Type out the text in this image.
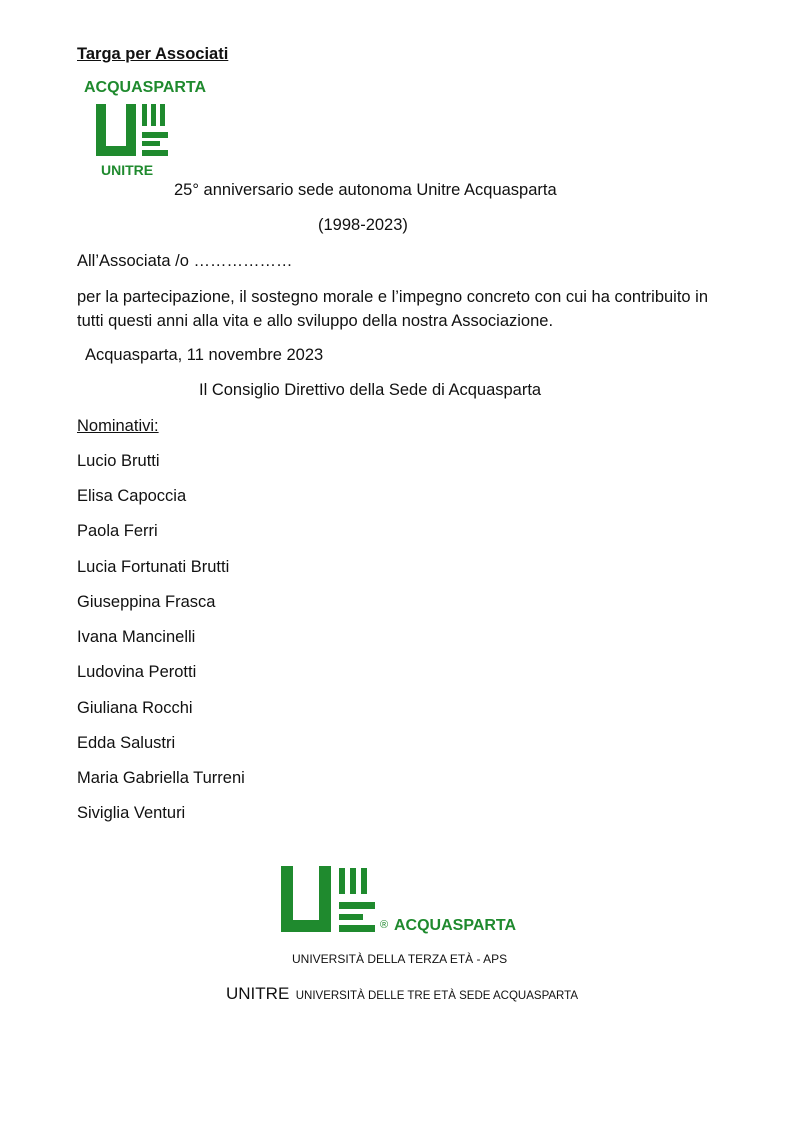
Targa per Associati
ACQUASPARTA
UNITRE
25° anniversario sede autonoma Unitre Acquasparta
(1998-2023)
All’Associata /o ………………
per la partecipazione, il sostegno morale e l’impegno concreto con cui ha contribuito in tutti questi anni alla vita e allo sviluppo della nostra Associazione.
Acquasparta, 11 novembre 2023
Il Consiglio Direttivo della Sede di Acquasparta
Nominativi:
Lucio Brutti
Elisa Capoccia
Paola Ferri
Lucia Fortunati Brutti
Giuseppina Frasca
Ivana Mancinelli
Ludovina Perotti
Giuliana Rocchi
Edda Salustri
Maria Gabriella Turreni
Siviglia Venturi
® ACQUASPARTA
UNIVERSITÀ DELLA TERZA ETÀ - APS
UNITRE UNIVERSITÀ DELLE TRE ETÀ SEDE ACQUASPARTA
